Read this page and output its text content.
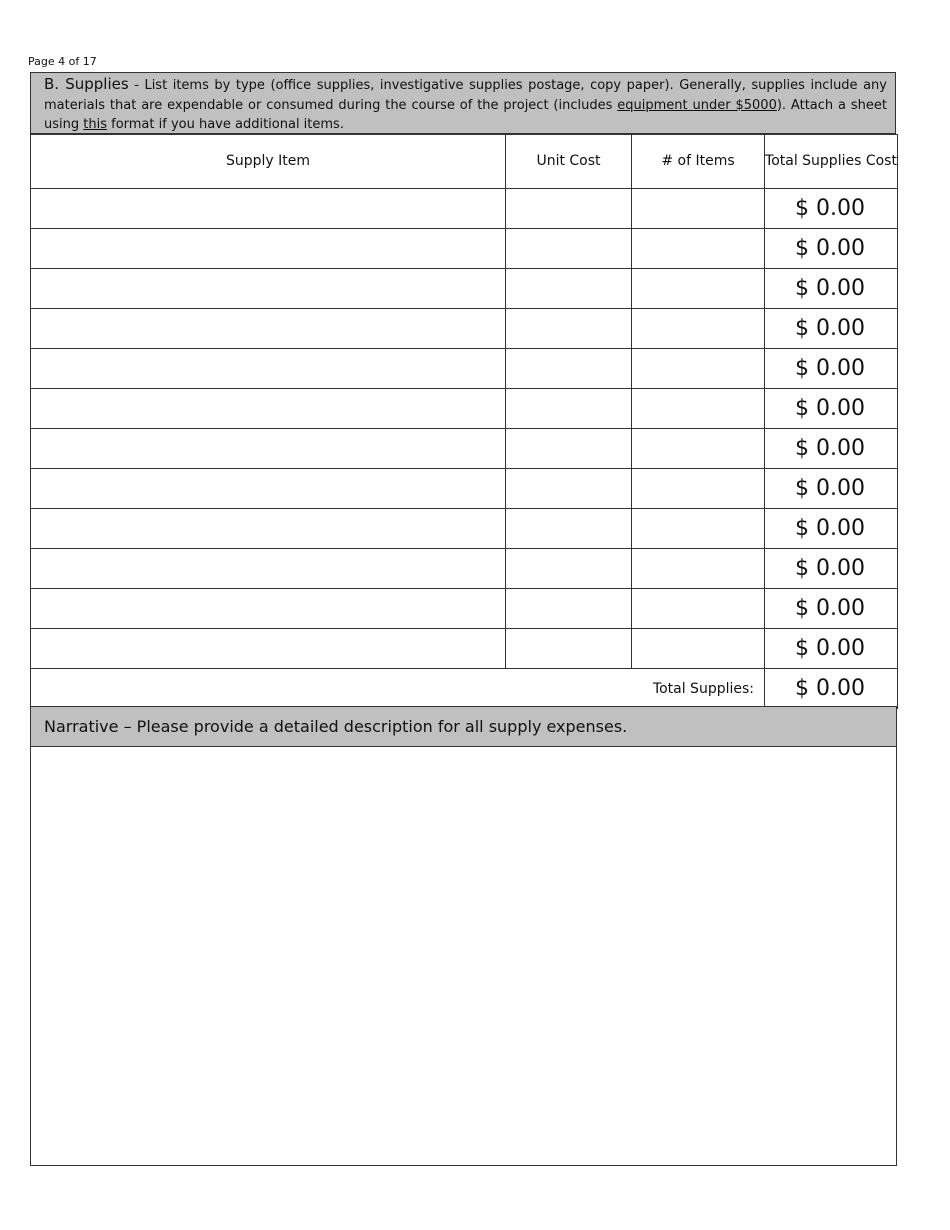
Page 4 of 17
B. Supplies - List items by type (office supplies, investigative supplies postage, copy paper). Generally, supplies include any materials that are expendable or consumed during the course of the project (includes equipment under $5000). Attach a sheet using this format if you have additional items.
Supply Item	Unit Cost	# of Items	Total Supplies Cost
			$ 0.00
			$ 0.00
			$ 0.00
			$ 0.00
			$ 0.00
			$ 0.00
			$ 0.00
			$ 0.00
			$ 0.00
			$ 0.00
			$ 0.00
			$ 0.00
Total Supplies:			$ 0.00
Narrative – Please provide a detailed description for all supply expenses.
